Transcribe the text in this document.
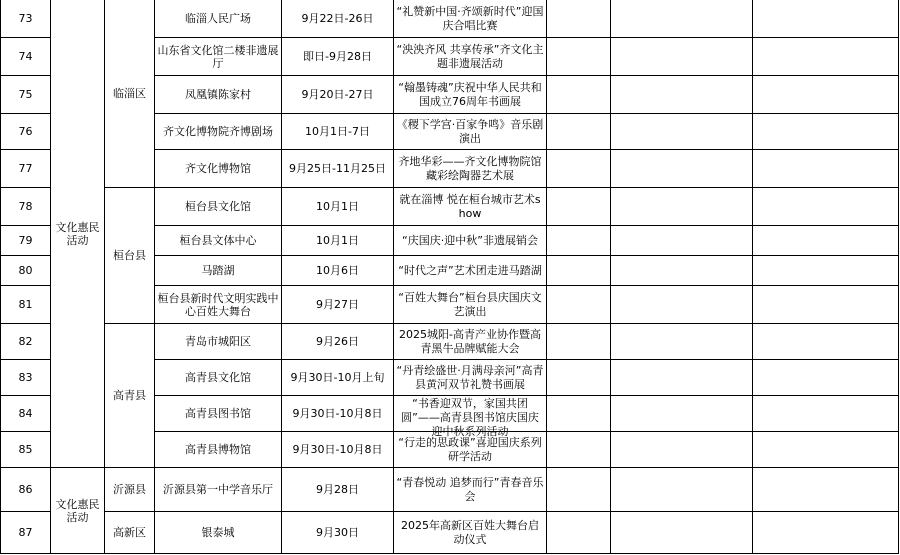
73	文化惠民活动	临淄区	临淄人民广场	9月22日-26日	“礼赞新中国·齐颂新时代”迎国庆合唱比赛			

74			山东省文化馆二楼非遗展厅	即日-9月28日	“泱泱齐风 共享传承”齐文化主题非遗展活动			

75			凤凰镇陈家村	9月20日-27日	“翰墨铸魂”庆祝中华人民共和国成立76周年书画展			

76			齐文化博物院齐博剧场	10月1日-7日	《稷下学宫·百家争鸣》音乐剧演出			

77			齐文化博物馆	9月25日-11月25日	齐地华彩——齐文化博物院馆藏彩绘陶器艺术展			

78		桓台县	桓台县文化馆	10月1日	就在淄博 悦在桓台城市艺术show			

79			桓台县文体中心	10月1日	“庆国庆·迎中秋”非遗展销会			

80			马踏湖	10月6日	“时代之声”艺术团走进马踏湖			

81			桓台县新时代文明实践中心百姓大舞台	9月27日	“百姓大舞台”桓台县庆国庆文艺演出			

82		高青县	青岛市城阳区	9月26日	2025城阳-高青产业协作暨高青黑牛品牌赋能大会			

83			高青县文化馆	9月30日-10月上旬	“丹青绘盛世·月满母亲河”高青县黄河双节礼赞书画展			

84			高青县图书馆	9月30日-10月8日	“书香迎双节，家国共团圆”——高青县图书馆庆国庆迎中秋系列活动			

85			高青县博物馆	9月30日-10月8日	“行走的思政课”喜迎国庆系列研学活动			

86	文化惠民活动	沂源县	沂源县第一中学音乐厅	9月28日	“青春悦动 追梦而行”青春音乐会			

87		高新区	银泰城	9月30日	2025年高新区百姓大舞台启动仪式			
